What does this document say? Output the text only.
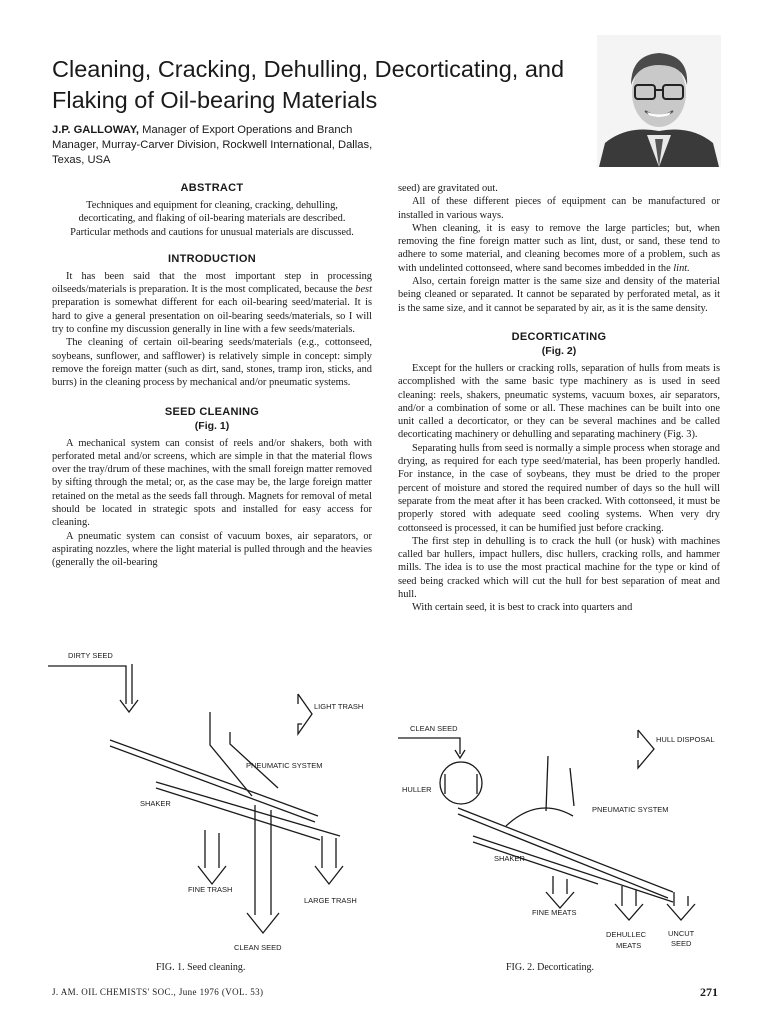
Cleaning, Cracking, Dehulling, Decorticating, and Flaking of Oil-bearing Materials

J.P. GALLOWAY, Manager of Export Operations and Branch Manager, Murray-Carver Division, Rockwell International, Dallas, Texas, USA

ABSTRACT

Techniques and equipment for cleaning, cracking, dehulling, decorticating, and flaking of oil-bearing materials are described. Particular methods and cautions for unusual materials are discussed.

INTRODUCTION

It has been said that the most important step in processing oilseeds/materials is preparation. It is the most complicated, because the best preparation is somewhat different for each oil-bearing seed/material. It is hard to give a general presentation on oil-bearing seeds/materials, so I will try to confine my discussion generally in line with a few seeds/materials.

The cleaning of certain oil-bearing seeds/materials (e.g., cottonseed, soybeans, sunflower, and safflower) is relatively simple in concept: simply remove the foreign matter (such as dirt, sand, stones, tramp iron, sticks, and burrs) in the cleaning process by mechanical and/or pneumatic systems.

SEED CLEANING
(Fig. 1)

A mechanical system can consist of reels and/or shakers, both with perforated metal and/or screens, which are simple in that the material flows over the tray/drum of these machines, with the small foreign matter removed by sifting through the metal; or, as the case may be, the large foreign matter retained on the metal as the seeds fall through. Magnets for removal of metal should be located in strategic spots and installed for easy access for cleaning.

A pneumatic system can consist of vacuum boxes, air separators, or aspirating nozzles, where the light material is pulled through and the heavies (generally the oil-bearing

seed) are gravitated out.

All of these different pieces of equipment can be manufactured or installed in various ways.

When cleaning, it is easy to remove the large particles; but, when removing the fine foreign matter such as lint, dust, or sand, these tend to adhere to some material, and cleaning becomes more of a problem, such as with undelinted cottonseed, where sand becomes imbedded in the lint.

Also, certain foreign matter is the same size and density of the material being cleaned or separated. It cannot be separated by perforated metal, as it is the same size, and it cannot be separated by air, as it is the same density.

DECORTICATING
(Fig. 2)

Except for the hullers or cracking rolls, separation of hulls from meats is accomplished with the same basic type machinery as is used in seed cleaning: reels, shakers, pneumatic systems, vacuum boxes, air separators, and/or a combination of some or all. These machines can be built into one unit called a decorticator, or they can be several machines and be called decorticating machinery or dehulling and separating machinery (Fig. 3).

Separating hulls from seed is normally a simple process when storage and drying, as required for each type seed/material, has been properly handled. For instance, in the case of soybeans, they must be dried to the proper percent of moisture and stored the required number of days so the hull will separate from the meat after it has been cracked. With cottonseed, it must be properly stored with adequate seed cooling systems. When very dry cottonseed is processed, it can be humified just before cracking.

The first step in dehulling is to crack the hull (or husk) with machines called bar hullers, impact hullers, disc hullers, cracking rolls, and hammer mills. The idea is to use the most practical machine for the type or kind of seed being cracked which will cut the hull for best separation of meat and hull.

With certain seed, it is best to crack into quarters and

DIRTY SEED
LIGHT TRASH
PNEUMATIC SYSTEM
SHAKER
FINE TRASH
LARGE TRASH
CLEAN SEED
FIG. 1. Seed cleaning.
CLEAN SEED
HULL DISPOSAL
HULLER
PNEUMATIC SYSTEM
SHAKER
FINE MEATS
DEHULLEC
MEATS
UNCUT
SEED
FIG. 2. Decorticating.
J. AM. OIL CHEMISTS' SOC., June 1976 (VOL. 53)	271
